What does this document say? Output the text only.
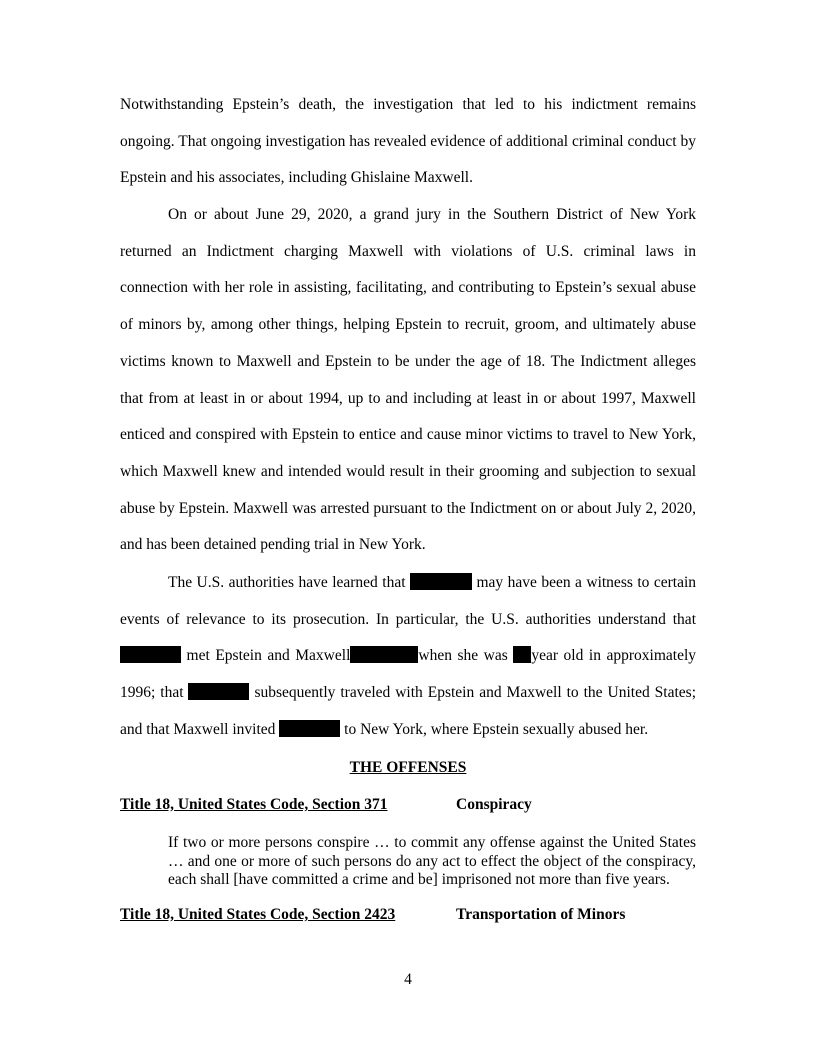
Notwithstanding Epstein’s death, the investigation that led to his indictment remains ongoing. That ongoing investigation has revealed evidence of additional criminal conduct by Epstein and his associates, including Ghislaine Maxwell.

On or about June 29, 2020, a grand jury in the Southern District of New York returned an Indictment charging Maxwell with violations of U.S. criminal laws in connection with her role in assisting, facilitating, and contributing to Epstein’s sexual abuse of minors by, among other things, helping Epstein to recruit, groom, and ultimately abuse victims known to Maxwell and Epstein to be under the age of 18. The Indictment alleges that from at least in or about 1994, up to and including at least in or about 1997, Maxwell enticed and conspired with Epstein to entice and cause minor victims to travel to New York, which Maxwell knew and intended would result in their grooming and subjection to sexual abuse by Epstein. Maxwell was arrested pursuant to the Indictment on or about July 2, 2020, and has been detained pending trial in New York.

The U.S. authorities have learned that	may have been a witness to certain events of relevance to its prosecution. In particular, the U.S. authorities understand that  met Epstein and Maxwell	when she was year old in approximately 1996; that	subsequently traveled with Epstein and Maxwell to the United States; and that Maxwell invited	to New York, where Epstein sexually abused her.

THE OFFENSES

Title 18, United States Code, Section 371	Conspiracy

If two or more persons conspire … to commit any offense against the United States … and one or more of such persons do any act to effect the object of the conspiracy, each shall [have committed a crime and be] imprisoned not more than five years.

Title 18, United States Code, Section 2423	Transportation of Minors

4
